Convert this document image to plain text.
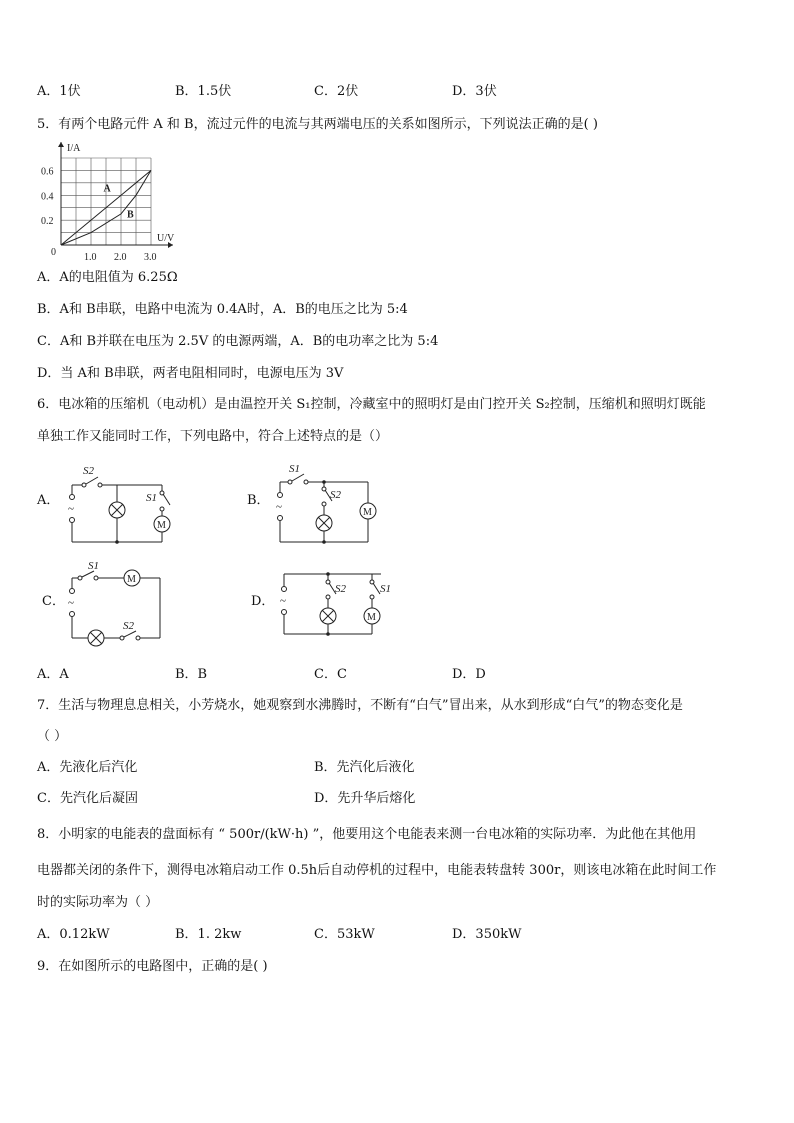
A．1伏	B．1.5伏	C．2伏	D．3伏
5．有两个电路元件 A 和 B，流过元件的电流与其两端电压的关系如图所示，下列说法正确的是( )
0.2
0.4
0.6
1.0 2.0 3.0
0
I/A
U/V
A
B
A．A的电阻值为 6.25Ω
B．A和 B串联，电路中电流为 0.4A时，A．B的电压之比为 5:4
C．A和 B并联在电压为 2.5V 的电源两端，A．B的电功率之比为 5:4
D．当 A和 B串联，两者电阻相同时，电源电压为 3V
6．电冰箱的压缩机（电动机）是由温控开关 S₁控制，冷藏室中的照明灯是由门控开关 S₂控制，压缩机和照明灯既能
单独工作又能同时工作，下列电路中，符合上述特点的是（）
A．
~
S2
S1
M
B． ~
S1
S2
M
C． ~
S1
M
S2
D． ~
S2	S1
M
A．A	B．B	C．C	D．D
7．生活与物理息息相关，小芳烧水，她观察到水沸腾时，不断有“白气”冒出来，从水到形成“白气”的物态变化是
（ ）
A．先液化后汽化	B．先汽化后液化
C．先汽化后凝固	D．先升华后熔化
8．小明家的电能表的盘面标有 “ 500r/(kW·h) ”，他要用这个电能表来测一台电冰箱的实际功率．为此他在其他用
电器都关闭的条件下，测得电冰箱启动工作 0.5h后自动停机的过程中，电能表转盘转 300r，则该电冰箱在此时间工作
时的实际功率为（ ）
A．0.12kW	B．1. 2kw	C．53kW	D．350kW
9．在如图所示的电路图中，正确的是( )
